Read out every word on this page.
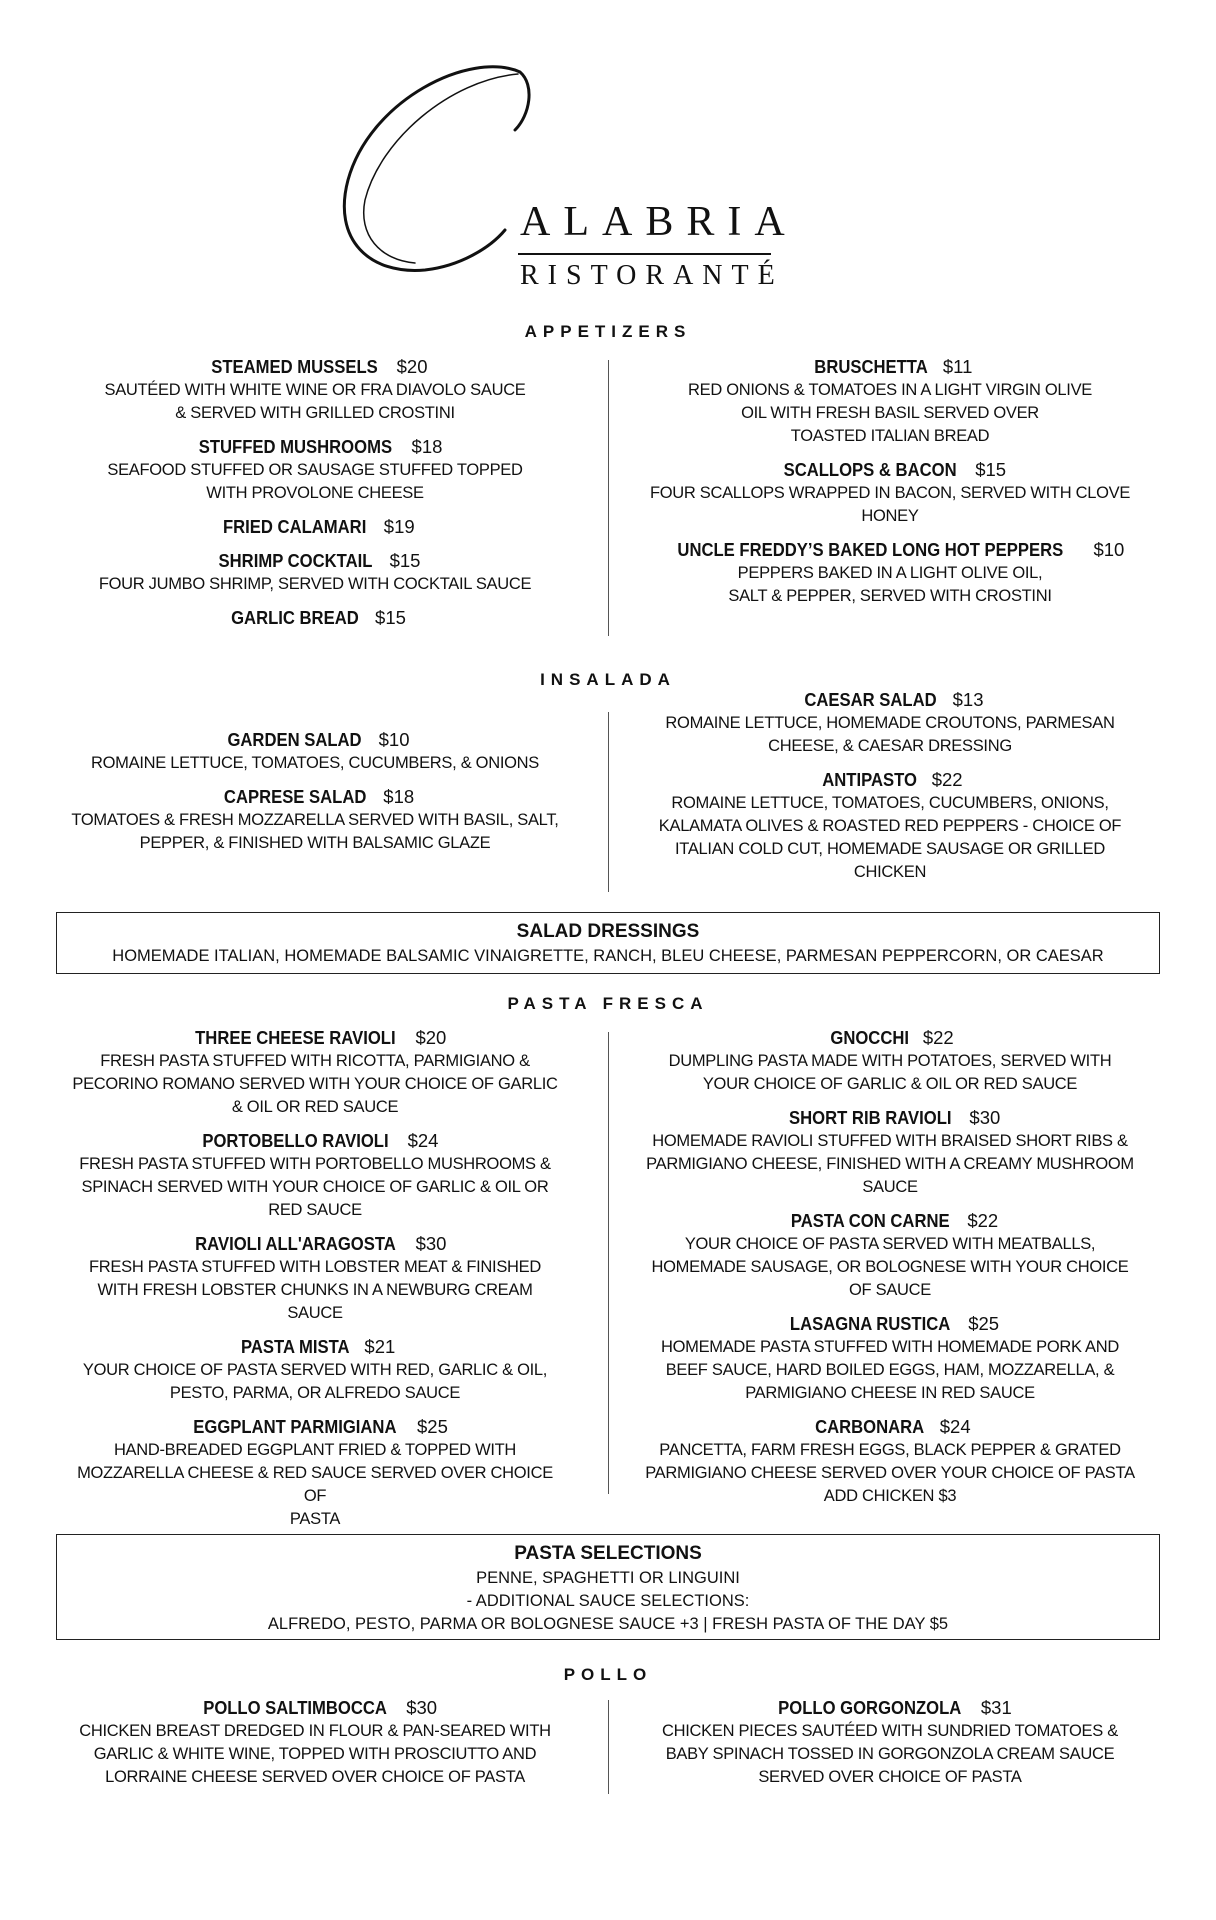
ALABRIA
RISTORANTÉ
APPETIZERS
STEAMED MUSSELS $20
SAUTÉED WITH WHITE WINE OR FRA DIAVOLO SAUCE
& SERVED WITH GRILLED CROSTINI
STUFFED MUSHROOMS $18
SEAFOOD STUFFED OR SAUSAGE STUFFED TOPPED
WITH PROVOLONE CHEESE
FRIED CALAMARI $19
SHRIMP COCKTAIL $15
FOUR JUMBO SHRIMP, SERVED WITH COCKTAIL SAUCE
GARLIC BREAD $15
BRUSCHETTA $11
RED ONIONS & TOMATOES IN A LIGHT VIRGIN OLIVE
OIL WITH FRESH BASIL SERVED OVER
TOASTED ITALIAN BREAD
SCALLOPS & BACON $15
FOUR SCALLOPS WRAPPED IN BACON, SERVED WITH CLOVE
HONEY
UNCLE FREDDY’S BAKED LONG HOT PEPPERS $10
PEPPERS BAKED IN A LIGHT OLIVE OIL,
SALT & PEPPER, SERVED WITH CROSTINI
INSALADA
GARDEN SALAD $10
ROMAINE LETTUCE, TOMATOES, CUCUMBERS, & ONIONS
CAPRESE SALAD $18
TOMATOES & FRESH MOZZARELLA SERVED WITH BASIL, SALT,
PEPPER, & FINISHED WITH BALSAMIC GLAZE
CAESAR SALAD $13
ROMAINE LETTUCE, HOMEMADE CROUTONS, PARMESAN
CHEESE, & CAESAR DRESSING
ANTIPASTO $22
ROMAINE LETTUCE, TOMATOES, CUCUMBERS, ONIONS,
KALAMATA OLIVES & ROASTED RED PEPPERS - CHOICE OF
ITALIAN COLD CUT, HOMEMADE SAUSAGE OR GRILLED
CHICKEN
SALAD DRESSINGS
HOMEMADE ITALIAN, HOMEMADE BALSAMIC VINAIGRETTE, RANCH, BLEU CHEESE, PARMESAN PEPPERCORN, OR CAESAR
PASTA FRESCA
THREE CHEESE RAVIOLI $20
FRESH PASTA STUFFED WITH RICOTTA, PARMIGIANO &
PECORINO ROMANO SERVED WITH YOUR CHOICE OF GARLIC
& OIL OR RED SAUCE
PORTOBELLO RAVIOLI $24
FRESH PASTA STUFFED WITH PORTOBELLO MUSHROOMS &
SPINACH SERVED WITH YOUR CHOICE OF GARLIC & OIL OR
RED SAUCE
RAVIOLI ALL'ARAGOSTA $30
FRESH PASTA STUFFED WITH LOBSTER MEAT & FINISHED
WITH FRESH LOBSTER CHUNKS IN A NEWBURG CREAM SAUCE
PASTA MISTA $21
YOUR CHOICE OF PASTA SERVED WITH RED, GARLIC & OIL,
PESTO, PARMA, OR ALFREDO SAUCE
EGGPLANT PARMIGIANA $25
HAND-BREADED EGGPLANT FRIED & TOPPED WITH
MOZZARELLA CHEESE & RED SAUCE SERVED OVER CHOICE OF
PASTA
GNOCCHI $22
DUMPLING PASTA MADE WITH POTATOES, SERVED WITH
YOUR CHOICE OF GARLIC & OIL OR RED SAUCE
SHORT RIB RAVIOLI $30
HOMEMADE RAVIOLI STUFFED WITH BRAISED SHORT RIBS &
PARMIGIANO CHEESE, FINISHED WITH A CREAMY MUSHROOM
SAUCE
PASTA CON CARNE $22
YOUR CHOICE OF PASTA SERVED WITH MEATBALLS,
HOMEMADE SAUSAGE, OR BOLOGNESE WITH YOUR CHOICE
OF SAUCE
LASAGNA RUSTICA $25
HOMEMADE PASTA STUFFED WITH HOMEMADE PORK AND
BEEF SAUCE, HARD BOILED EGGS, HAM, MOZZARELLA, &
PARMIGIANO CHEESE IN RED SAUCE
CARBONARA $24
PANCETTA, FARM FRESH EGGS, BLACK PEPPER & GRATED
PARMIGIANO CHEESE SERVED OVER YOUR CHOICE OF PASTA
ADD CHICKEN $3
PASTA SELECTIONS
PENNE, SPAGHETTI OR LINGUINI
- ADDITIONAL SAUCE SELECTIONS:
ALFREDO, PESTO, PARMA OR BOLOGNESE SAUCE +3 | FRESH PASTA OF THE DAY $5
POLLO
POLLO SALTIMBOCCA $30
CHICKEN BREAST DREDGED IN FLOUR & PAN-SEARED WITH
GARLIC & WHITE WINE, TOPPED WITH PROSCIUTTO AND
LORRAINE CHEESE SERVED OVER CHOICE OF PASTA
POLLO GORGONZOLA $31
CHICKEN PIECES SAUTÉED WITH SUNDRIED TOMATOES &
BABY SPINACH TOSSED IN GORGONZOLA CREAM SAUCE
SERVED OVER CHOICE OF PASTA
